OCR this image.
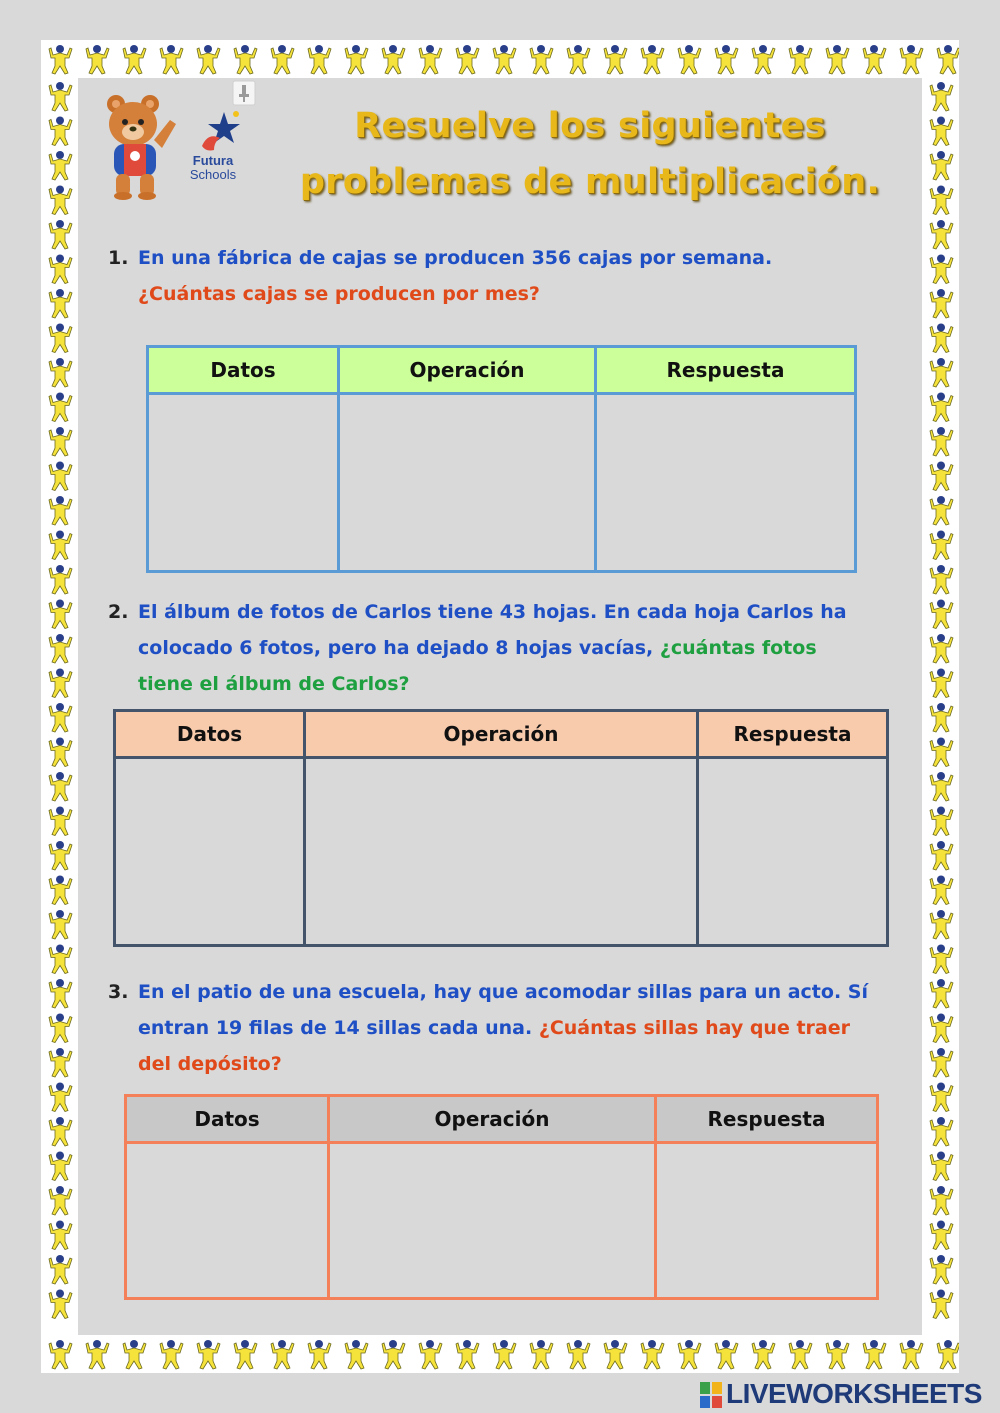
Futura
Schools
Resuelve los siguientes
problemas de multiplicación.
1. En una fábrica de cajas se producen 356 cajas por semana.
¿Cuántas cajas se producen por mes?
Datos	Operación	Respuesta

2. El álbum de fotos de Carlos tiene 43 hojas. En cada hoja Carlos ha
colocado 6 fotos, pero ha dejado 8 hojas vacías, ¿cuántas fotos
tiene el álbum de Carlos?
Datos	Operación	Respuesta

3. En el patio de una escuela, hay que acomodar sillas para un acto. Sí
entran 19 filas de 14 sillas cada una. ¿Cuántas sillas hay que traer
del depósito?
Datos	Operación	Respuesta

LIVEWORKSHEETS
